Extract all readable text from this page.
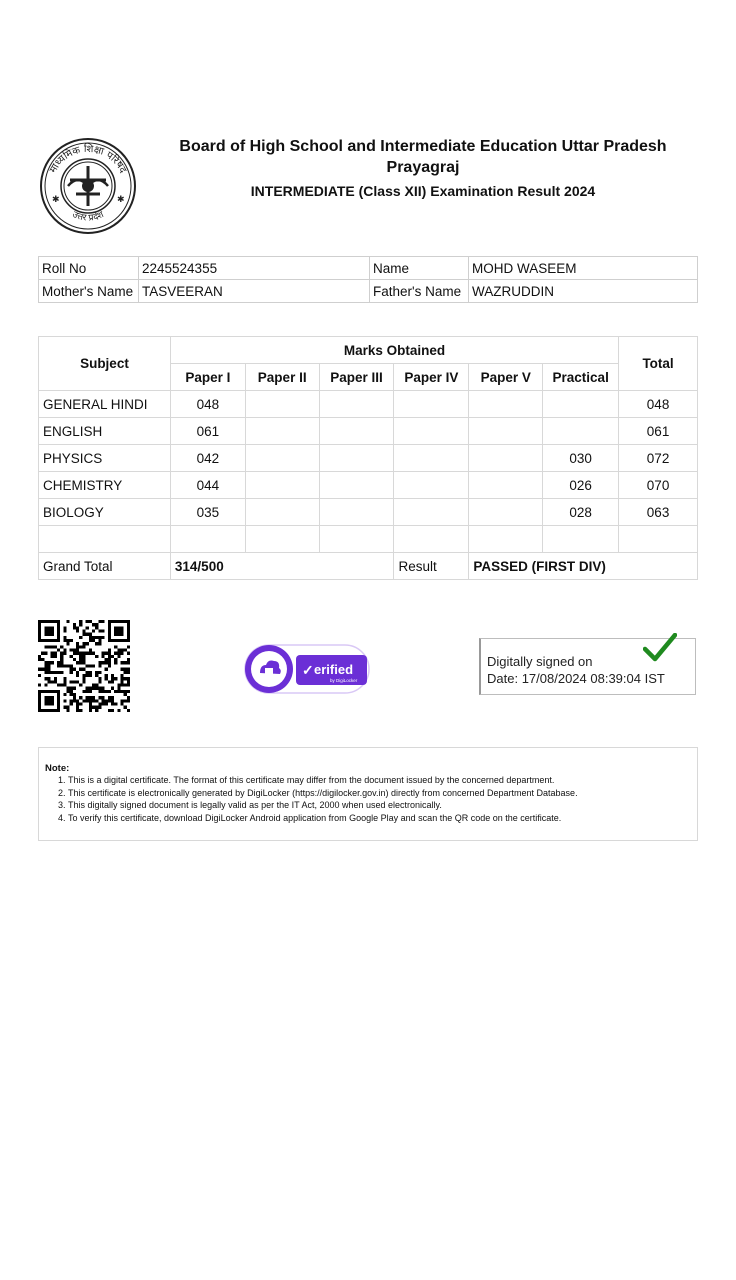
माध्यमिक शिक्षा परिषद
उत्तर प्रदेश
✱	✱
Board of High School and Intermediate Education Uttar Pradesh
Prayagraj
INTERMEDIATE (Class XII) Examination Result 2024
Roll No	2245524355	Name	MOHD WASEEM
Mother's Name	TASVEERAN	Father's Name	WAZRUDDIN
Subject	Marks Obtained						Total
	Paper I	Paper II	Paper III	Paper IV	Paper V	Practical	
GENERAL HINDI	048						048
ENGLISH	061						061
PHYSICS	042					030	072
CHEMISTRY	044					026	070
BIOLOGY	035					028	063

Grand Total	314/500			Result	PASSED (FIRST DIV)		
✓ erified
by DigiLocker
Digitally signed on
Date: 17/08/2024 08:39:04 IST
Note:
1. This is a digital certificate. The format of this certificate may differ from the document issued by the concerned department.
2. This certificate is electronically generated by DigiLocker (https://digilocker.gov.in) directly from concerned Department Database.
3. This digitally signed document is legally valid as per the IT Act, 2000 when used electronically.
4. To verify this certificate, download DigiLocker Android application from Google Play and scan the QR code on the certificate.
